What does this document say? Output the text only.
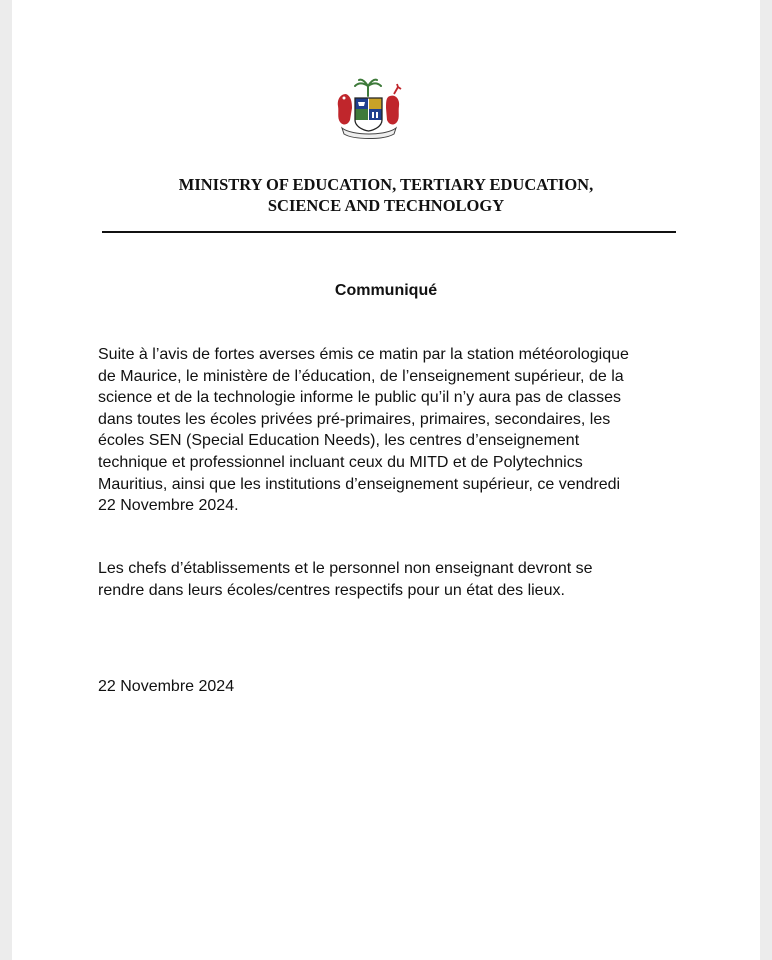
MINISTRY OF EDUCATION, TERTIARY EDUCATION,
SCIENCE AND TECHNOLOGY
Communiqué
Suite à l’avis de fortes averses émis ce matin par la station météorologique
de Maurice, le ministère de l’éducation, de l’enseignement supérieur, de la
science et de la technologie informe le public qu’il n’y aura pas de classes
dans toutes les écoles privées pré-primaires, primaires, secondaires, les
écoles SEN (Special Education Needs), les centres d’enseignement
technique et professionnel incluant ceux du MITD et de Polytechnics
Mauritius, ainsi que les institutions d’enseignement supérieur, ce vendredi
22 Novembre 2024.
Les chefs d’établissements et le personnel non enseignant devront se
rendre dans leurs écoles/centres respectifs pour un état des lieux.
22 Novembre 2024
